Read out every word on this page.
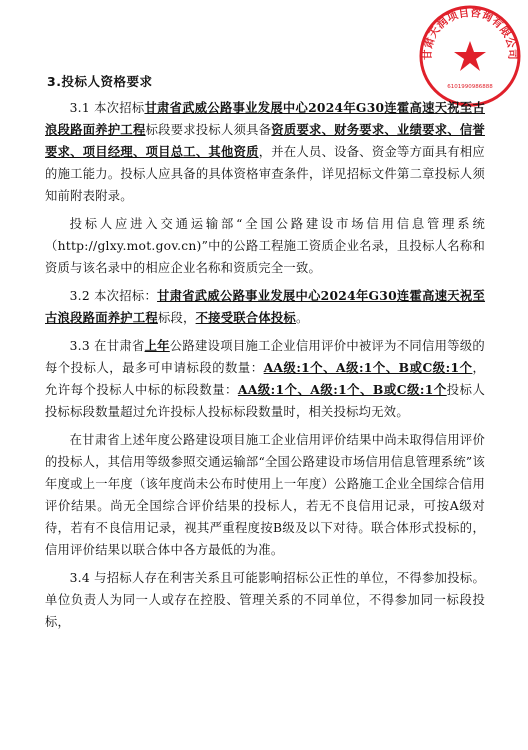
甘肃天润项目咨询有限公司
6101990986888
3.投标人资格要求

3.1 本次招标甘肃省武威公路事业发展中心2024年G30连霍高速天祝至古浪段路面养护工程标段要求投标人须具备资质要求、财务要求、业绩要求、信誉要求、项目经理、项目总工、其他资质，并在人员、设备、资金等方面具有相应的施工能力。投标人应具备的具体资格审查条件，详见招标文件第二章投标人须知前附表附录。

投标人应进入交通运输部“全国公路建设市场信用信息管理系统（http://glxy.mot.gov.cn)”中的公路工程施工资质企业名录，且投标人名称和资质与该名录中的相应企业名称和资质完全一致。

3.2 本次招标：甘肃省武威公路事业发展中心2024年G30连霍高速天祝至古浪段路面养护工程标段，不接受联合体投标。

3.3 在甘肃省上年公路建设项目施工企业信用评价中被评为不同信用等级的每个投标人，最多可申请标段的数量：AA级:1个、A级:1个、B或C级:1个，允许每个投标人中标的标段数量：AA级:1个、A级:1个、B或C级:1个投标人投标标段数量超过允许投标人投标标段数量时，相关投标均无效。

在甘肃省上述年度公路建设项目施工企业信用评价结果中尚未取得信用评价的投标人，其信用等级参照交通运输部“全国公路建设市场信用信息管理系统”该年度或上一年度（该年度尚未公布时使用上一年度）公路施工企业全国综合信用评价结果。尚无全国综合评价结果的投标人，若无不良信用记录，可按A级对待，若有不良信用记录，视其严重程度按B级及以下对待。联合体形式投标的，信用评价结果以联合体中各方最低的为准。

3.4 与招标人存在利害关系且可能影响招标公正性的单位，不得参加投标。单位负责人为同一人或存在控股、管理关系的不同单位，不得参加同一标段投标，
